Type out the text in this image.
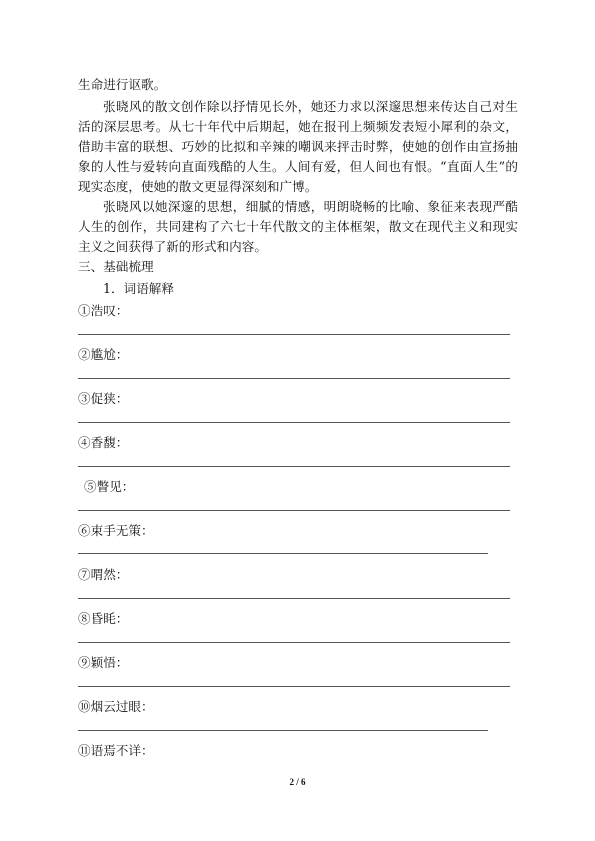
生命进行讴歌。

张晓风的散文创作除以抒情见长外，她还力求以深邃思想来传达自己对生活的深层思考。从七十年代中后期起，她在报刊上频频发表短小犀利的杂文，借助丰富的联想、巧妙的比拟和辛辣的嘲讽来抨击时弊，使她的创作由宣扬抽象的人性与爱转向直面残酷的人生。人间有爱，但人间也有恨。“直面人生”的现实态度，使她的散文更显得深刻和广博。

张晓风以她深邃的思想，细腻的情感，明朗晓畅的比喻、象征来表现严酷人生的创作，共同建构了六七十年代散文的主体框架，散文在现代主义和现实主义之间获得了新的形式和内容。

三、基础梳理

1．词语解释

①浩叹：

②尴尬：

③促狭：

④香馥：

⑤瞥见：

⑥束手无策：

⑦喟然：

⑧昏眊：

⑨颖悟：

⑩烟云过眼：

⑪语焉不详：

2 / 6
